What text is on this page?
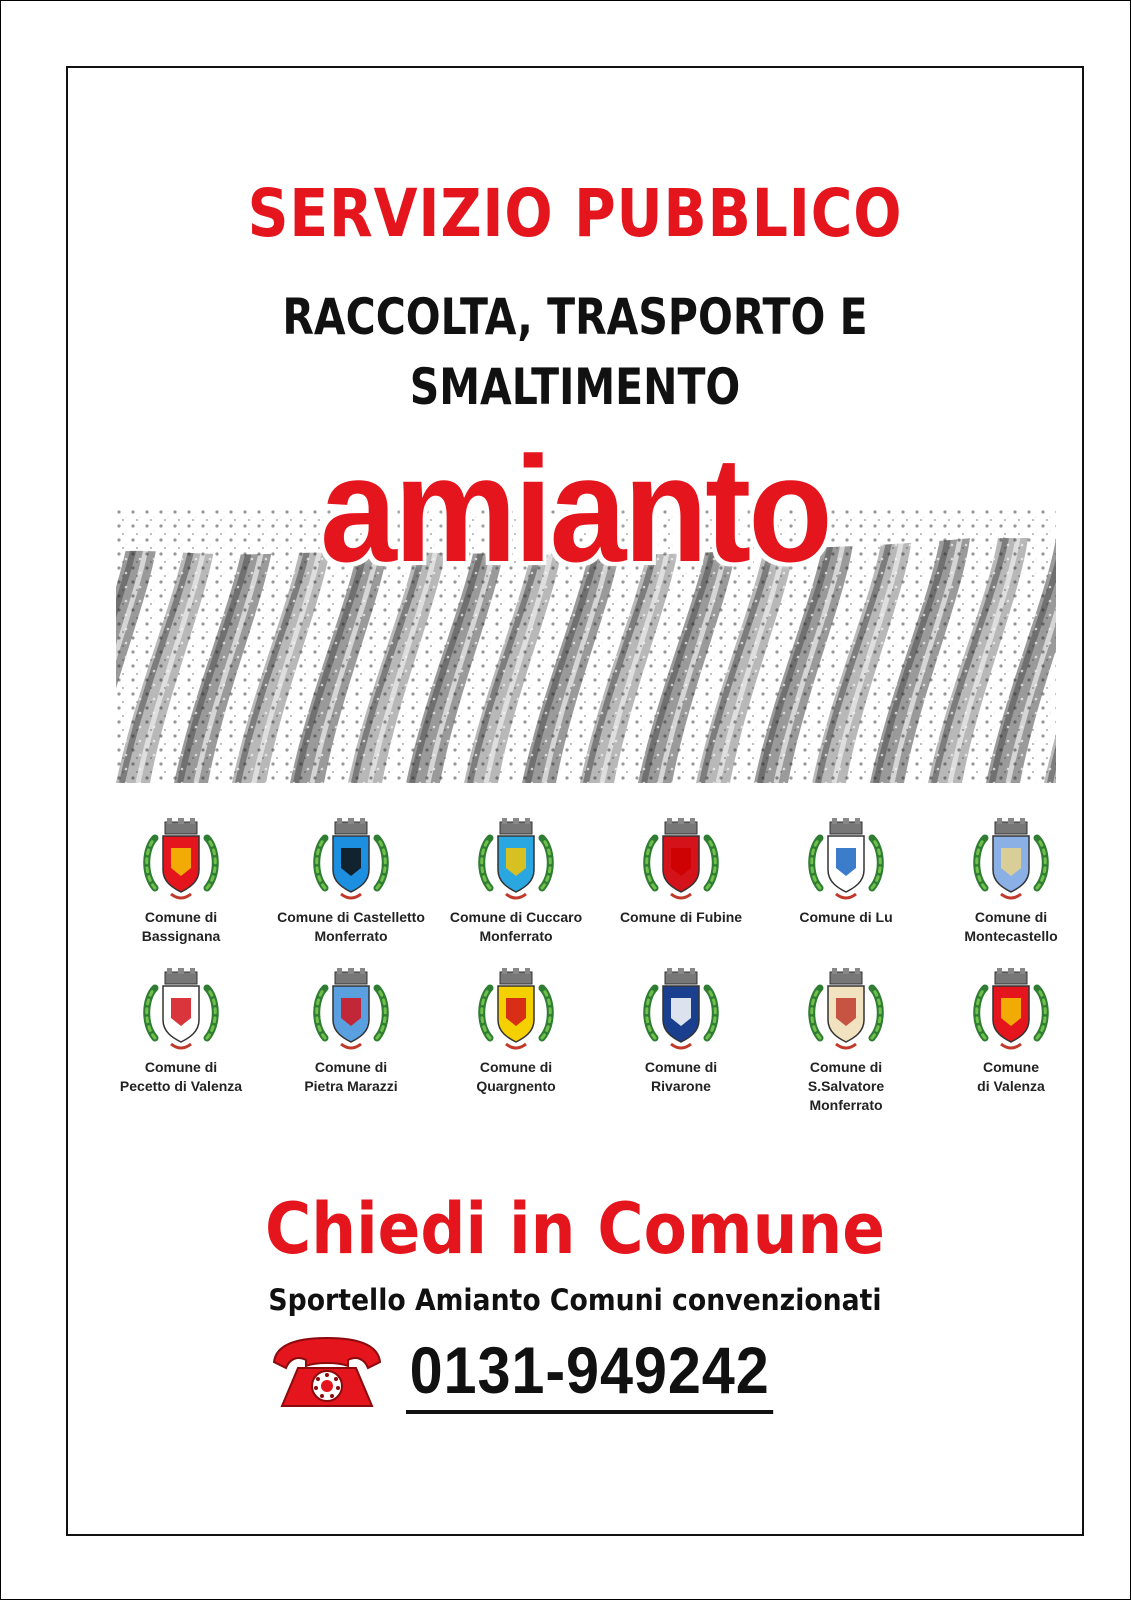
SERVIZIO PUBBLICO
RACCOLTA, TRASPORTO E
SMALTIMENTO
amianto
Comune di
Bassignana
Comune di Castelletto
Monferrato
Comune di Cuccaro
Monferrato
Comune di Fubine	Comune di Lu	Comune di
Montecastello
Comune di
Pecetto di Valenza
Comune di
Pietra Marazzi
Comune di
Quargnento
Comune di
Rivarone
Comune di
S.Salvatore
Monferrato
Comune
di Valenza
Chiedi in Comune
Sportello Amianto Comuni convenzionati
0131-949242
